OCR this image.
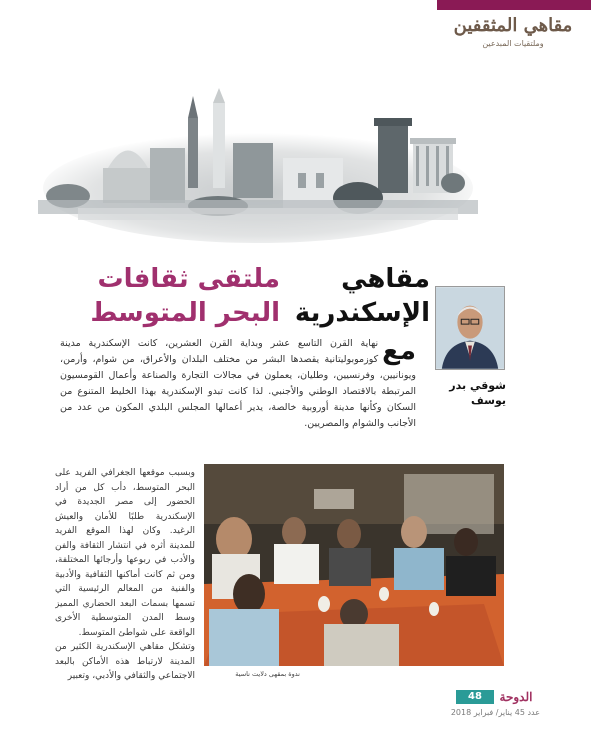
مقاهي المثقفين
وملتقيات المبدعين
ملتقى ثقافات
البحر المتوسط
مقاهي
الإسكندرية
شوقي بدر
يوسف
مع
نهاية القرن التاسع عشر وبداية القرن العشرين، كانت الإسكندرية مدينة كوزموبوليتانية يقصدها البشر من مختلف البلدان والأعراق، من شوام، وأرمن، ويونانيين، وفرنسيين، وطليان، يعملون في مجالات التجارة والصناعة وأعمال القومسيون المرتبطة بالاقتصاد الوطني والأجنبي. لذا كانت تبدو الإسكندرية بهذا الخليط المتنوع من السكان وكأنها مدينة أوروبية خالصة، يدير أعمالها المجلس البلدي المكون من عدد من الأجانب والشوام والمصريين.

وبسبب موقعها الجغرافي الفريد على البحر المتوسط، دأب كل من أراد الحضور إلى مصر الجديدة في الإسكندرية طلبًا للأمان والعيش الرغيد. وكان لهذا الموقع الفريد للمدينة أثره في انتشار الثقافة والفن والأدب في ربوعها وأرجائها المختلفة، ومن ثم كانت أماكنها الثقافية والأدبية والفنية من المعالم الرئيسية التي تسمها بسمات البعد الحضاري المميز وسط المدن المتوسطية الأخرى الواقعة على شواطئ المتوسط.

وتشكل مقاهي الإسكندرية الكثير من المدينة لارتباط هذه الأماكن بالبعد الاجتماعي والثقافي والأدبي، وتعبير	ندوة بمقهى دلايت ناسية
48	الدوحة
عدد 45 يناير/ فبراير 2018
